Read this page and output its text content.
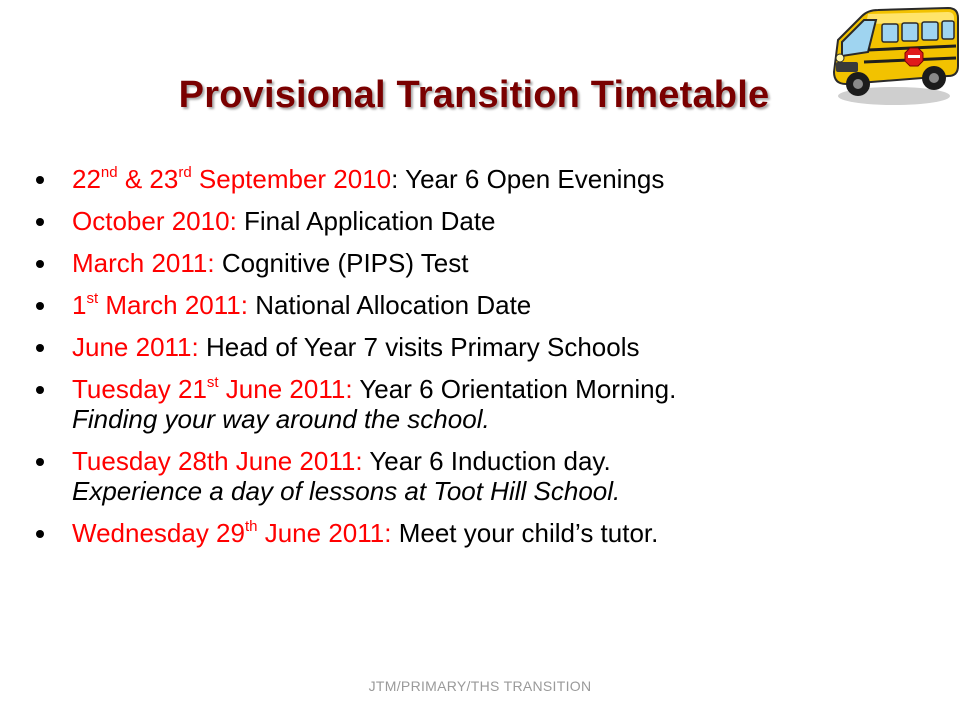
Provisional Transition Timetable
22nd & 23rd September 2010: Year 6 Open Evenings
October 2010: Final Application Date
March 2011: Cognitive (PIPS) Test
1st March 2011: National Allocation Date
June 2011: Head of Year 7 visits Primary Schools
Tuesday 21st June 2011: Year 6 Orientation Morning.
Finding your way around the school.
Tuesday 28th June 2011: Year 6 Induction day.
Experience a day of lessons at Toot Hill School.
Wednesday 29th June 2011: Meet your child’s tutor.
JTM/PRIMARY/THS TRANSITION
